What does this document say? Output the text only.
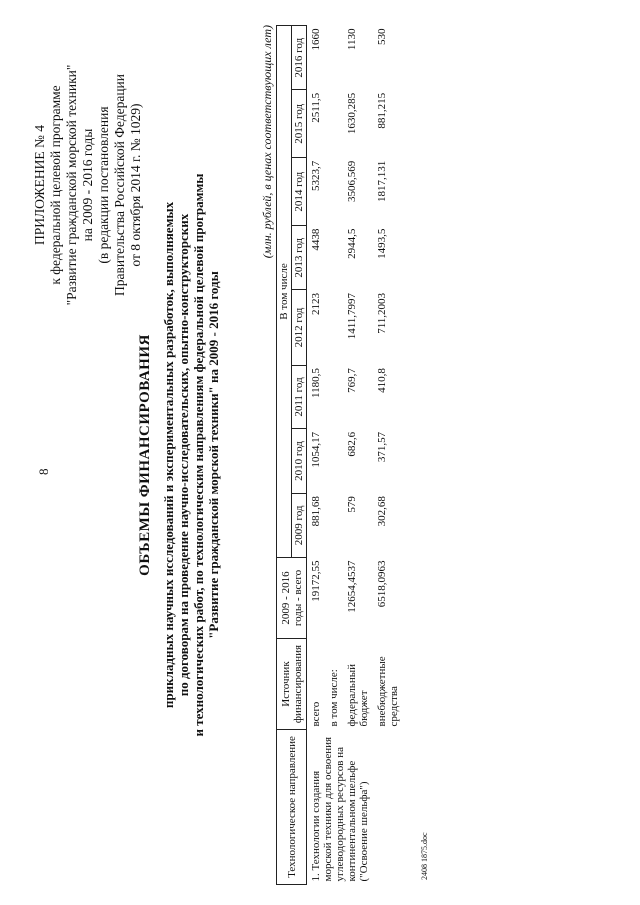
8
ПРИЛОЖЕНИЕ № 4 к федеральной целевой программе "Развитие гражданской морской техники" на 2009 - 2016 годы (в редакции постановления Правительства Российской Федерации от 8 октября 2014 г. № 1029)
ОБЪЕМЫ ФИНАНСИРОВАНИЯ прикладных научных исследований и экспериментальных разработок, выполняемых по договорам на проведение научно-исследовательских, опытно-конструкторских и технологических работ, по технологическим направлениям федеральной целевой программы "Развитие гражданской морской техники" на 2009 - 2016 годы
(млн. рублей, в ценах соответствующих лет)
Технологическое направление	Источник финансирования	2009 - 2016 годы - всего	В том числе							
			2009 год	2010 год	2011 год	2012 год	2013 год	2014 год	2015 год	2016 год
1. Технологии создания морской техники для освоения углеводородных ресурсов на континентальном шельфе ("Освоение шельфа")	всего	19172,55	881,68	1054,17	1180,5	2123	4438	5323,7	2511,5	1660
	в том числе:									
	федеральный бюджет	12654,4537	579	682,6	769,7	1411,7997	2944,5	3506,569	1630,285	1130
	внебюджетные средства	6518,0963	302,68	371,57	410,8	711,2003	1493,5	1817,131	881,215	530
2408 1875.doc
